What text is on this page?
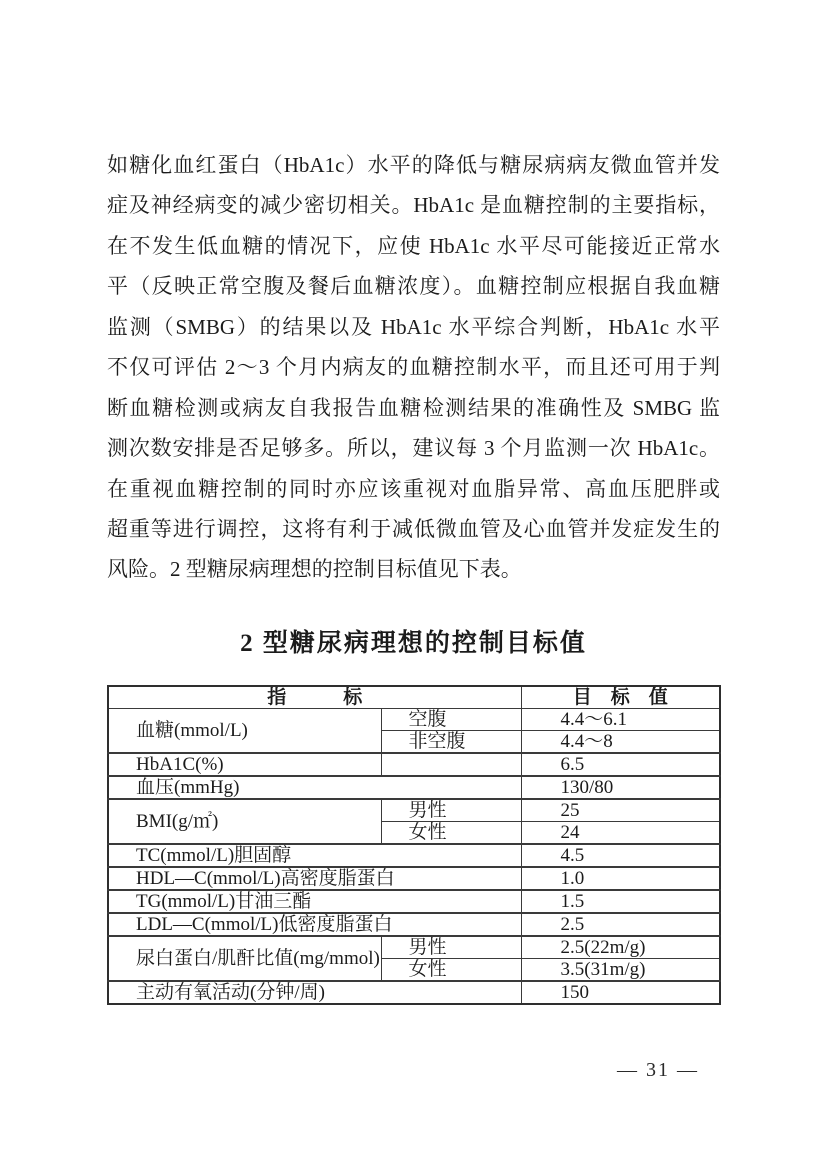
如糖化血红蛋白（HbA1c）水平的降低与糖尿病病友微血管并发
症及神经病变的减少密切相关。HbA1c 是血糖控制的主要指标，
在不发生低血糖的情况下，应使 HbA1c 水平尽可能接近正常水
平（反映正常空腹及餐后血糖浓度）。血糖控制应根据自我血糖
监测（SMBG）的结果以及 HbA1c 水平综合判断，HbA1c 水平
不仅可评估 2～3 个月内病友的血糖控制水平，而且还可用于判
断血糖检测或病友自我报告血糖检测结果的准确性及 SMBG 监
测次数安排是否足够多。所以，建议每 3 个月监测一次 HbA1c。
在重视血糖控制的同时亦应该重视对血脂异常、高血压肥胖或
超重等进行调控，这将有利于减低微血管及心血管并发症发生的
风险。2 型糖尿病理想的控制目标值见下表。
2 型糖尿病理想的控制目标值
指　　　标		目　标　值
血糖(mmol/L)	空腹	4.4～6.1
	非空腹	4.4～8
HbA1C(%)		6.5
血压(mmHg)		130/80
BMI(g/㎡)	男性	25
	女性	24
TC(mmol/L)胆固醇		4.5
HDL—C(mmol/L)高密度脂蛋白		1.0
TG(mmol/L)甘油三酯		1.5
LDL—C(mmol/L)低密度脂蛋白		2.5
尿白蛋白/肌酐比值(mg/mmol)	男性	2.5(22m/g)
	女性	3.5(31m/g)
主动有氧活动(分钟/周)		150
— 31 —
